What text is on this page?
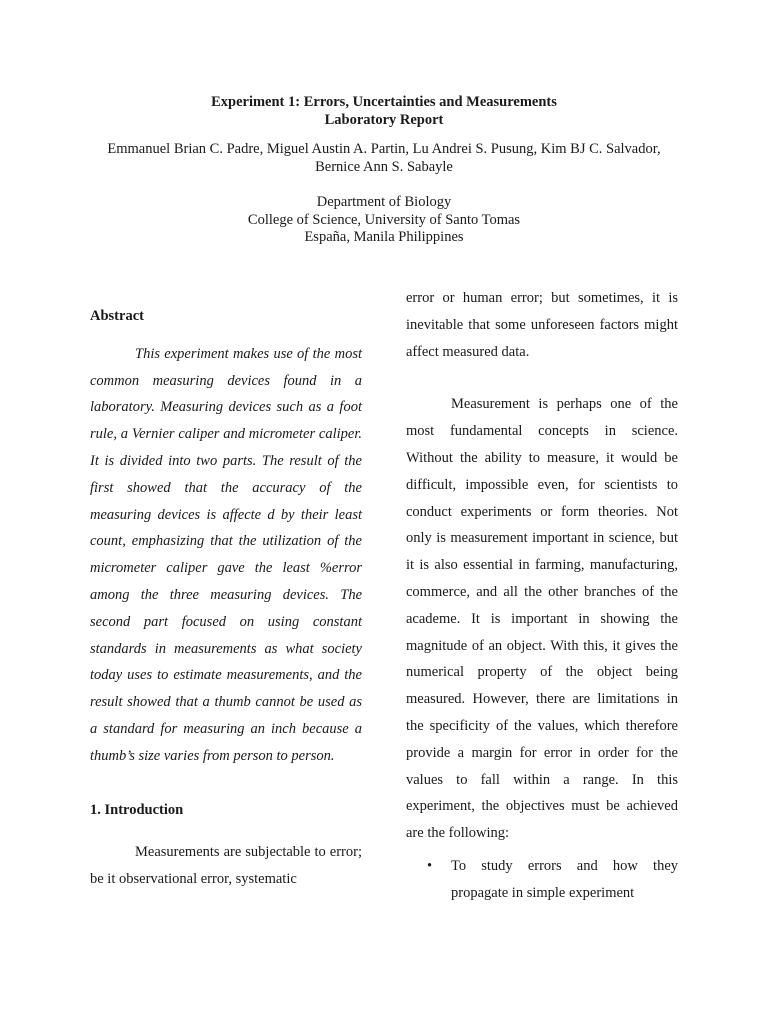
Experiment 1: Errors, Uncertainties and Measurements
Laboratory Report
Emmanuel Brian C. Padre, Miguel Austin A. Partin, Lu Andrei S. Pusung, Kim BJ C. Salvador,
Bernice Ann S. Sabayle
Department of Biology
College of Science, University of Santo Tomas
España, Manila Philippines

Abstract

This experiment makes use of the most common measuring devices found in a laboratory. Measuring devices such as a foot rule, a Vernier caliper and micrometer caliper. It is divided into two parts. The result of the first showed that the accuracy of the measuring devices is affecte d by their least count, emphasizing that the utilization of the micrometer caliper gave the least %error among the three measuring devices. The second part focused on using constant standards in measurements as what society today uses to estimate measurements, and the result showed that a thumb cannot be used as a standard for measuring an inch because a thumb’s size varies from person to person.

1. Introduction

Measurements are subjectable to error; be it observational error, systematic

error or human error; but sometimes, it is inevitable that some unforeseen factors might affect measured data.

Measurement is perhaps one of the most fundamental concepts in science. Without the ability to measure, it would be difficult, impossible even, for scientists to conduct experiments or form theories. Not only is measurement important in science, but it is also essential in farming, manufacturing, commerce, and all the other branches of the academe. It is important in showing the magnitude of an object. With this, it gives the numerical property of the object being measured. However, there are limitations in the specificity of the values, which therefore provide a margin for error in order for the values to fall within a range. In this experiment, the objectives must be achieved are the following:

• To study errors and how they propagate in simple experiment
